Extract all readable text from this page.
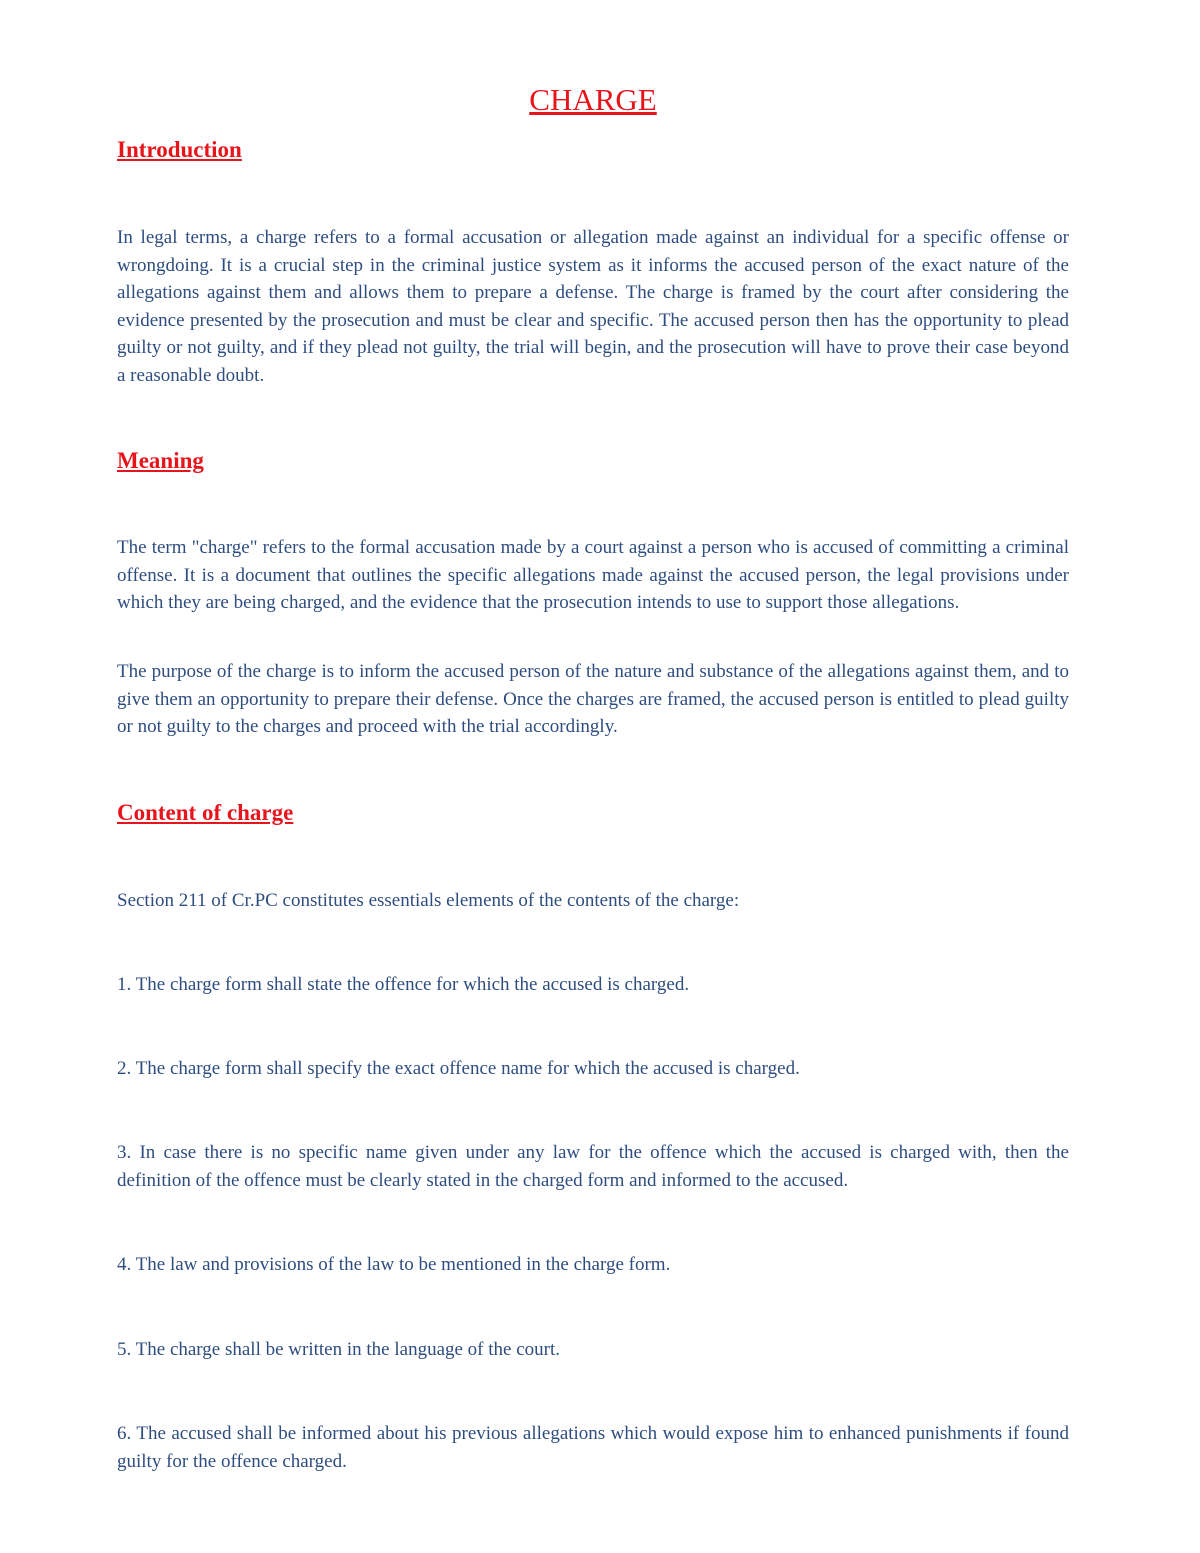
CHARGE
Introduction

In legal terms, a charge refers to a formal accusation or allegation made against an individual for a specific offense or wrongdoing. It is a crucial step in the criminal justice system as it informs the accused person of the exact nature of the allegations against them and allows them to prepare a defense. The charge is framed by the court after considering the evidence presented by the prosecution and must be clear and specific. The accused person then has the opportunity to plead guilty or not guilty, and if they plead not guilty, the trial will begin, and the prosecution will have to prove their case beyond a reasonable doubt.

Meaning

The term "charge" refers to the formal accusation made by a court against a person who is accused of committing a criminal offense. It is a document that outlines the specific allegations made against the accused person, the legal provisions under which they are being charged, and the evidence that the prosecution intends to use to support those allegations.

The purpose of the charge is to inform the accused person of the nature and substance of the allegations against them, and to give them an opportunity to prepare their defense. Once the charges are framed, the accused person is entitled to plead guilty or not guilty to the charges and proceed with the trial accordingly.

Content of charge

Section 211 of Cr.PC constitutes essentials elements of the contents of the charge:

1. The charge form shall state the offence for which the accused is charged.

2. The charge form shall specify the exact offence name for which the accused is charged.

3. In case there is no specific name given under any law for the offence which the accused is charged with, then the definition of the offence must be clearly stated in the charged form and informed to the accused.

4. The law and provisions of the law to be mentioned in the charge form.

5. The charge shall be written in the language of the court.

6. The accused shall be informed about his previous allegations which would expose him to enhanced punishments if found guilty for the offence charged.
